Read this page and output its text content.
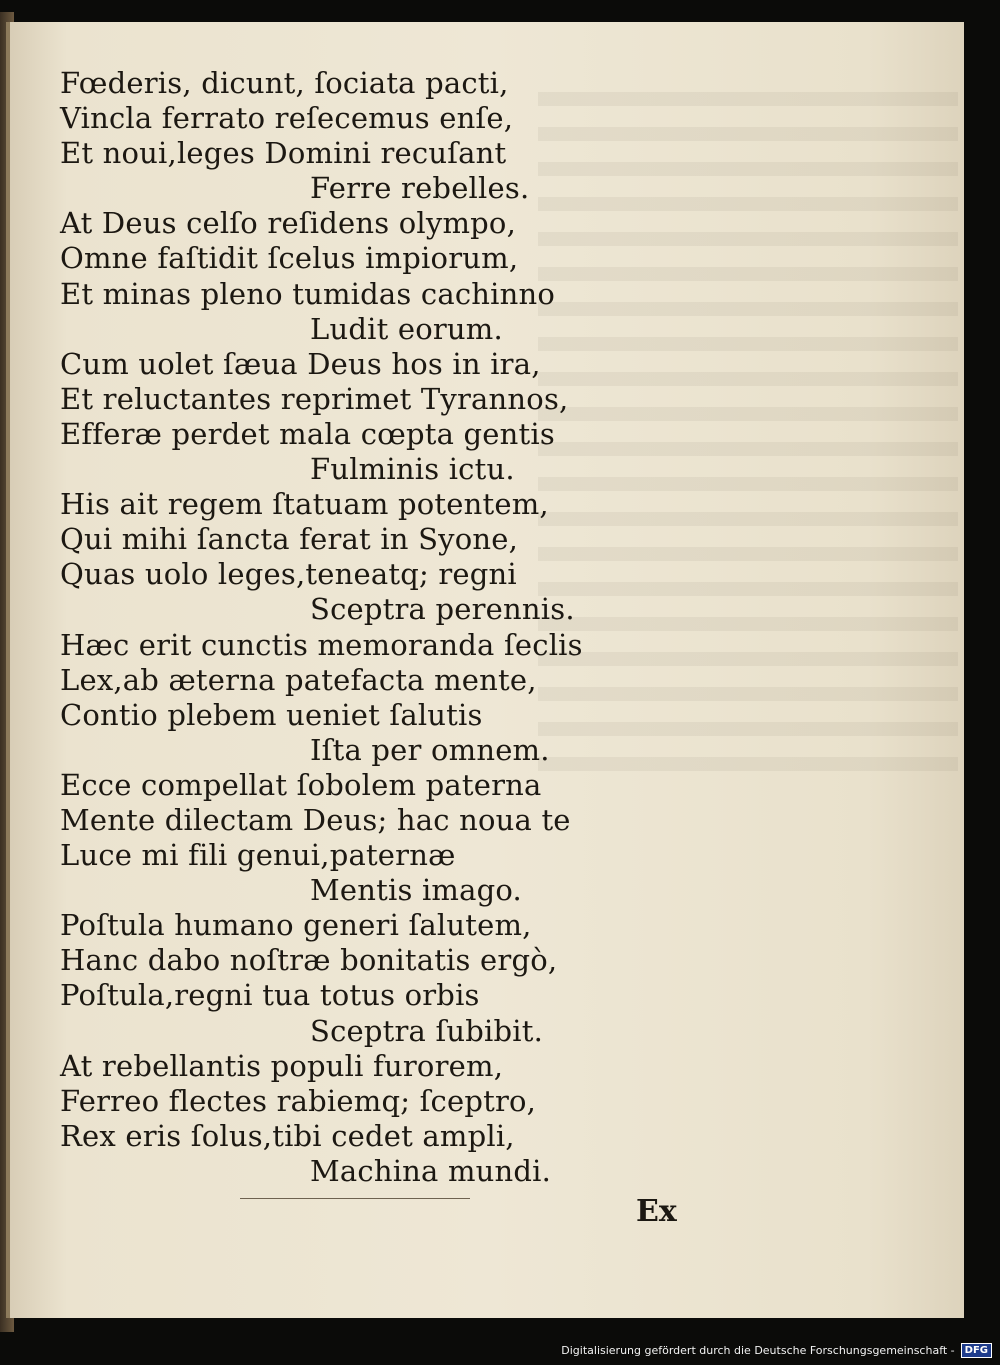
Fœderis, dicunt, ſociata pacti,
Vincla ferrato reſecemus enſe,
Et noui,leges Domini recuſant
Ferre rebelles.
At Deus celſo reſidens olympo,
Omne faſtidit ſcelus impiorum,
Et minas pleno tumidas cachinno
Ludit eorum.
Cum uolet ſæua Deus hos in ira,
Et reluctantes reprimet Tyrannos,
Efferæ perdet mala cœpta gentis
Fulminis ictu.
His ait regem ſtatuam potentem,
Qui mihi ſancta ferat in Syone,
Quas uolo leges,teneatq; regni
Sceptra perennis.
Hæc erit cunctis memoranda ſeclis
Lex,ab æterna patefacta mente,
Contio plebem ueniet ſalutis
Iſta per omnem.
Ecce compellat ſobolem paterna
Mente dilectam Deus; hac noua te
Luce mi fili genui,paternæ
Mentis imago.
Poſtula humano generi ſalutem,
Hanc dabo noſtræ bonitatis ergò,
Poſtula,regni tua totus orbis
Sceptra ſubibit.
At rebellantis populi furorem,
Ferreo flectes rabiemq; ſceptro,
Rex eris ſolus,tibi cedet ampli,
Machina mundi.
Ex
Digitalisierung gefördert durch die Deutsche Forschungsgemeinschaft -	DFG
